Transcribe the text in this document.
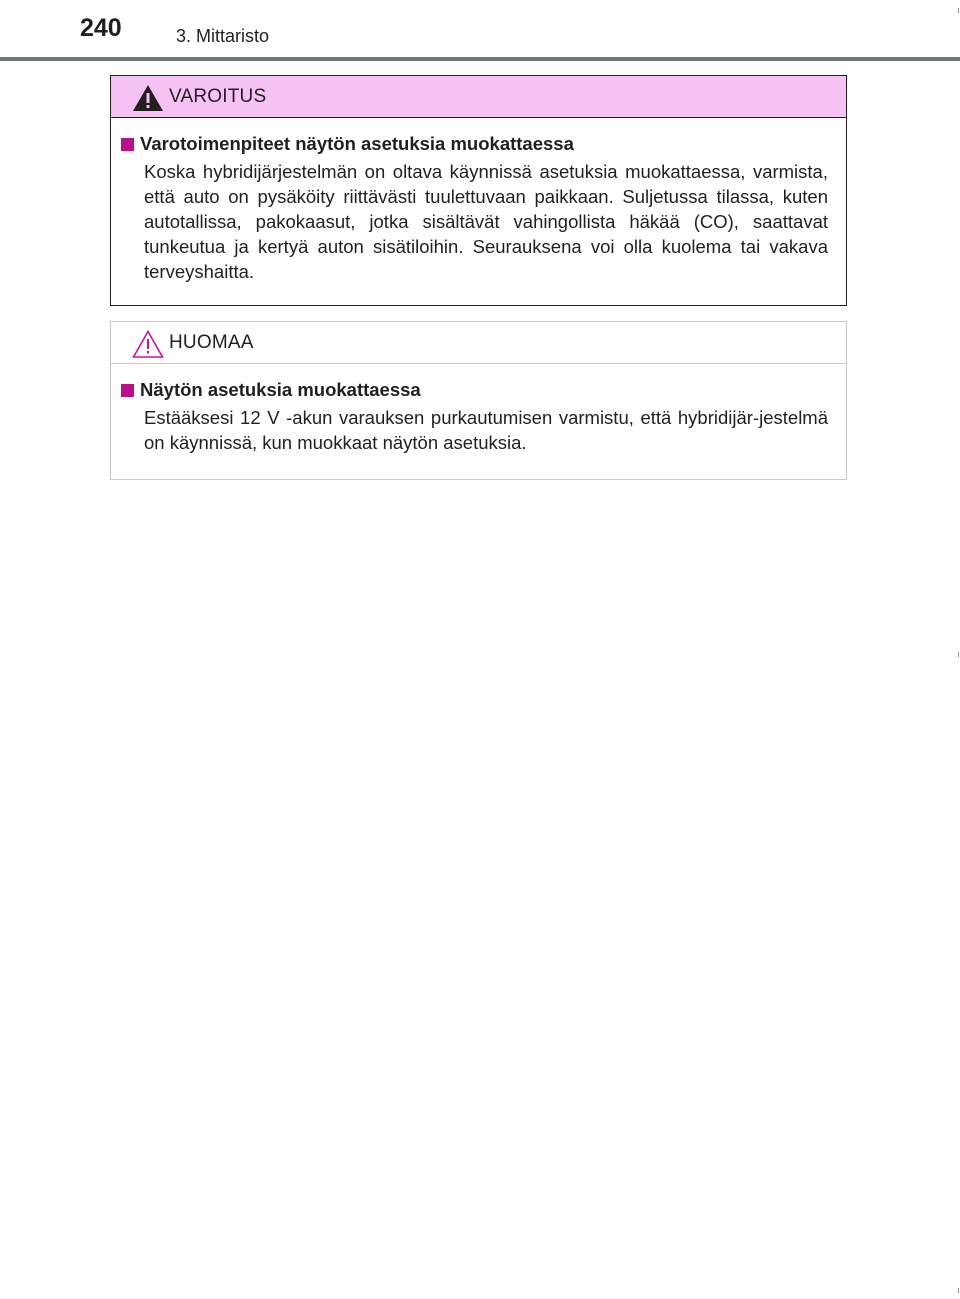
240	3. Mittaristo
VAROITUS
Varotoimenpiteet näytön asetuksia muokattaessa

Koska hybridijärjestelmän on oltava käynnissä asetuksia muokattaessa, varmista, että auto on pysäköity riittävästi tuulettuvaan paikkaan. Suljetussa tilassa, kuten autotallissa, pakokaasut, jotka sisältävät vahingollista häkää (CO), saattavat tunkeutua ja kertyä auton sisätiloihin. Seurauksena voi olla kuolema tai vakava terveyshaitta.

HUOMAA
Näytön asetuksia muokattaessa

Estääksesi 12 V -akun varauksen purkautumisen varmistu, että hybridijär-jestelmä on käynnissä, kun muokkaat näytön asetuksia.
